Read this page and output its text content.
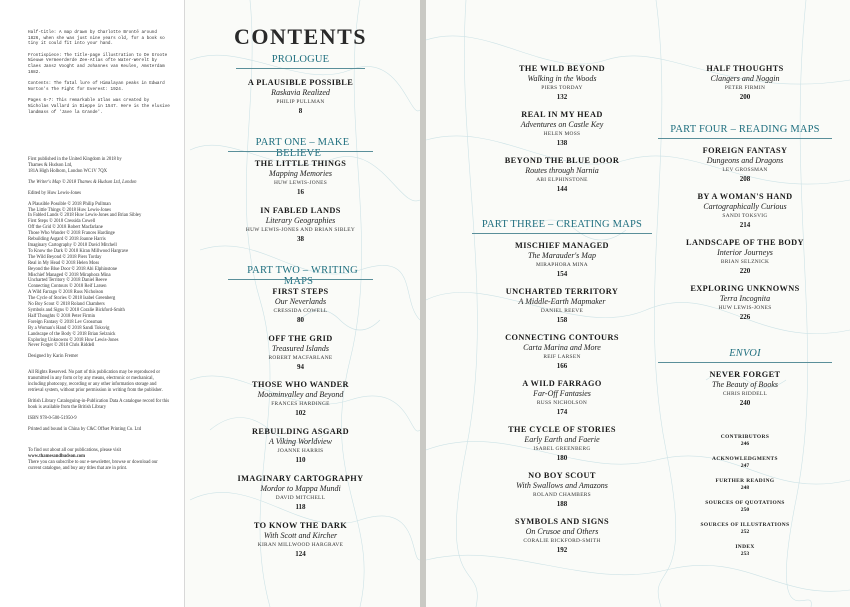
Half-title: A map drawn by Charlotte Brontë around 1826, when she was just nine years old, for a book so tiny it could fit into your hand.
Frontispiece: The title-page illustration to De Groote Nieuwe Vermeerderde Zee-Atlas ofte Water-Werelt by Claes Jansz Vooght and Johannes van Keulen, Amsterdam 1682.
Contents: The fatal lure of Himalayan peaks in Edward Norton's The Fight for Everest: 1924.
Pages 6-7: This remarkable atlas was created by Nicholas Vallard in Dieppe in 1547. Here is the elusive landmass of 'Jave la Grande'.
First published in the United Kingdom in 2018 by
Thames & Hudson Ltd,
181A High Holborn, London WC1V 7QX
The Writer's Map © 2018 Thames & Hudson Ltd, London
Edited by Huw Lewis-Jones
A Plausible Possible © 2018 Philip Pullman
The Little Things © 2018 Huw Lewis-Jones
In Fabled Lands © 2018 Huw Lewis-Jones and Brian Sibley
First Steps © 2018 Cressida Cowell
Off the Grid © 2018 Robert Macfarlane
Those Who Wander © 2018 Frances Hardinge
Rebuilding Asgard © 2018 Joanne Harris
Imaginary Cartography © 2018 David Mitchell
To Know the Dark © 2018 Kiran Millwood Hargrave
The Wild Beyond © 2018 Piers Torday
Real in My Head © 2018 Helen Moss
Beyond the Blue Door © 2018 Abi Elphinstone
Mischief Managed © 2018 Miraphora Mina
Uncharted Territory © 2018 Daniel Reeve
Connecting Contours © 2018 Reif Larsen
A Wild Farrago © 2018 Russ Nicholson
The Cycle of Stories © 2018 Isabel Greenberg
No Boy Scout © 2018 Roland Chambers
Symbols and Signs © 2018 Coralie Bickford-Smith
Half Thoughts © 2018 Peter Firmin
Foreign Fantasy © 2018 Lev Grossman
By a Woman's Hand © 2018 Sandi Toksvig
Landscape of the Body © 2018 Brian Selznick
Exploring Unknowns © 2018 Huw Lewis-Jones
Never Forget © 2018 Chris Riddell
Designed by Karin Fremer
All Rights Reserved. No part of this publication may be reproduced or transmitted in any form or by any means, electronic or mechanical, including photocopy, recording or any other information storage and retrieval system, without prior permission in writing from the publisher.
British Library Cataloguing-in-Publication Data A catalogue record for this book is available from the British Library
ISBN 978-0-500-51950-9
Printed and bound in China by C&C Offset Printing Co. Ltd
To find out about all our publications, please visit
www.thamesandhudson.com
There you can subscribe to our e-newsletter, browse or download our current catalogue, and buy any titles that are in print.
CONTENTS
PROLOGUE
A PLAUSIBLE POSSIBLE
Raskavia Realized
PHILIP PULLMAN
8
PART ONE – MAKE BELIEVE
THE LITTLE THINGS
Mapping Memories
HUW LEWIS-JONES
16
IN FABLED LANDS
Literary Geographies
HUW LEWIS-JONES AND BRIAN SIBLEY
38
PART TWO – WRITING MAPS
FIRST STEPS
Our Neverlands
CRESSIDA COWELL
80
OFF THE GRID
Treasured Islands
ROBERT MACFARLANE
94
THOSE WHO WANDER
Moominvalley and Beyond
FRANCES HARDINGE
102
REBUILDING ASGARD
A Viking Worldview
JOANNE HARRIS
110
IMAGINARY CARTOGRAPHY
Mordor to Mappa Mundi
DAVID MITCHELL
118
TO KNOW THE DARK
With Scott and Kircher
KIRAN MILLWOOD HARGRAVE
124
THE WILD BEYOND
Walking in the Woods
PIERS TORDAY
132
REAL IN MY HEAD
Adventures on Castle Key
HELEN MOSS
138
BEYOND THE BLUE DOOR
Routes through Narnia
ABI ELPHINSTONE
144
PART THREE – CREATING MAPS
MISCHIEF MANAGED
The Marauder's Map
MIRAPHORA MINA
154
UNCHARTED TERRITORY
A Middle-Earth Mapmaker
DANIEL REEVE
158
CONNECTING CONTOURS
Carta Marina and More
REIF LARSEN
166
A WILD FARRAGO
Far-Off Fantasies
RUSS NICHOLSON
174
THE CYCLE OF STORIES
Early Earth and Faerie
ISABEL GREENBERG
180
NO BOY SCOUT
With Swallows and Amazons
ROLAND CHAMBERS
188
SYMBOLS AND SIGNS
On Crusoe and Others
CORALIE BICKFORD-SMITH
192
HALF THOUGHTS
Clangers and Noggin
PETER FIRMIN
200
PART FOUR – READING MAPS
FOREIGN FANTASY
Dungeons and Dragons
LEV GROSSMAN
208
BY A WOMAN'S HAND
Cartographically Curious
SANDI TOKSVIG
214
LANDSCAPE OF THE BODY
Interior Journeys
BRIAN SELZNICK
220
EXPLORING UNKNOWNS
Terra Incognita
HUW LEWIS-JONES
226
ENVOI
NEVER FORGET
The Beauty of Books
CHRIS RIDDELL
240
CONTRIBUTORS
246
ACKNOWLEDGMENTS
247
FURTHER READING
248
SOURCES OF QUOTATIONS
250
SOURCES OF ILLUSTRATIONS
252
INDEX
253
